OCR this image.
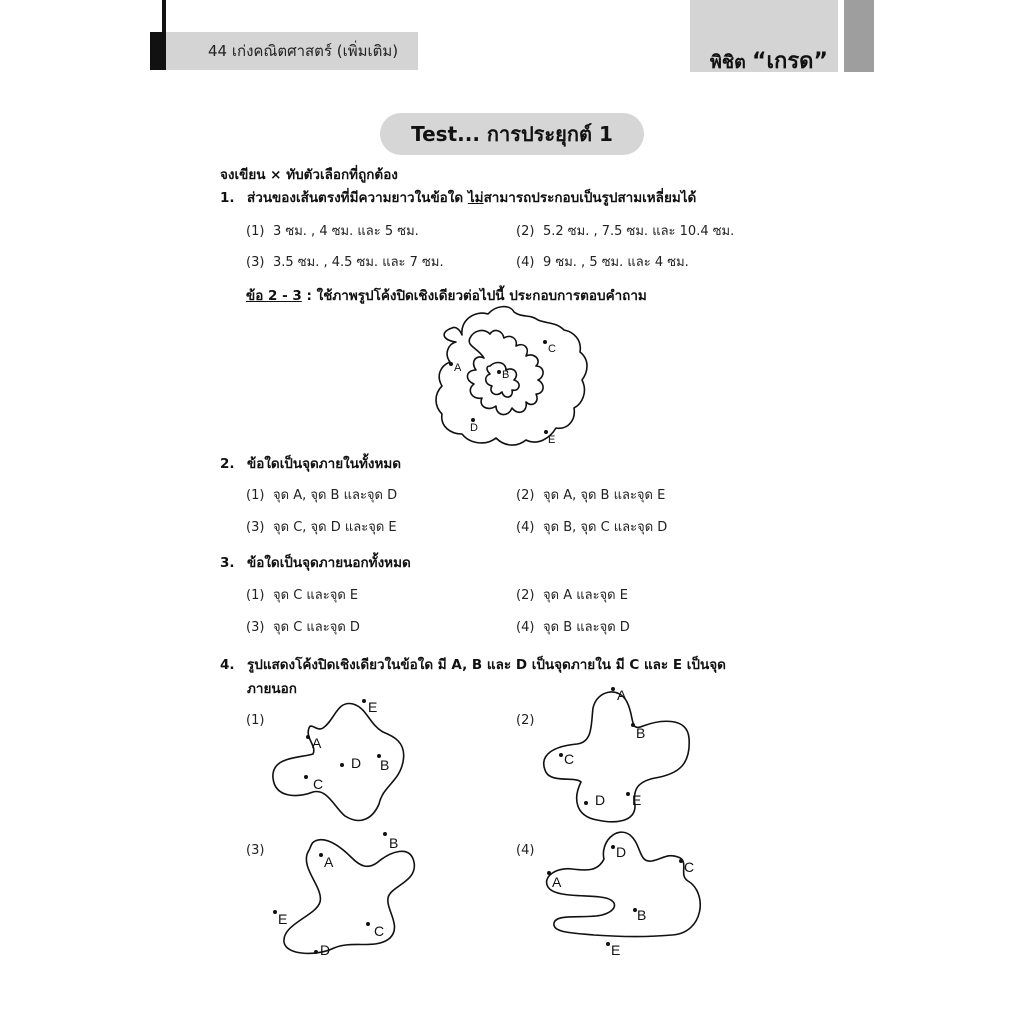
44 เก่งคณิตศาสตร์ (เพิ่มเติม)
พิชิต “เกรด”
Test... การประยุกต์ 1
จงเขียน × ทับตัวเลือกที่ถูกต้อง
1. ส่วนของเส้นตรงที่มีความยาวในข้อใด ไม่สามารถประกอบเป็นรูปสามเหลี่ยมได้
(1) 3 ซม. , 4 ซม. และ 5 ซม.	(2) 5.2 ซม. , 7.5 ซม. และ 10.4 ซม.
(3) 3.5 ซม. , 4.5 ซม. และ 7 ซม.	(4) 9 ซม. , 5 ซม. และ 4 ซม.
ข้อ 2 - 3 : ใช้ภาพรูปโค้งปิดเชิงเดียวต่อไปนี้ ประกอบการตอบคำถาม
A
B
C
D
E
2. ข้อใดเป็นจุดภายในทั้งหมด
(1) จุด A, จุด B และจุด D	(2) จุด A, จุด B และจุด E
(3) จุด C, จุด D และจุด E	(4) จุด B, จุด C และจุด D
3. ข้อใดเป็นจุดภายนอกทั้งหมด
(1) จุด C และจุด E	(2) จุด A และจุด E
(3) จุด C และจุด D	(4) จุด B และจุด D
4. รูปแสดงโค้งปิดเชิงเดียวในข้อใด มี A, B และ D เป็นจุดภายใน มี C และ E เป็นจุด
ภายนอก
(1)
A
B
C
D
E
(2)
A
B
C
D E
(3)
A
B
C
D
E
(4)
A
B
C
D
E
